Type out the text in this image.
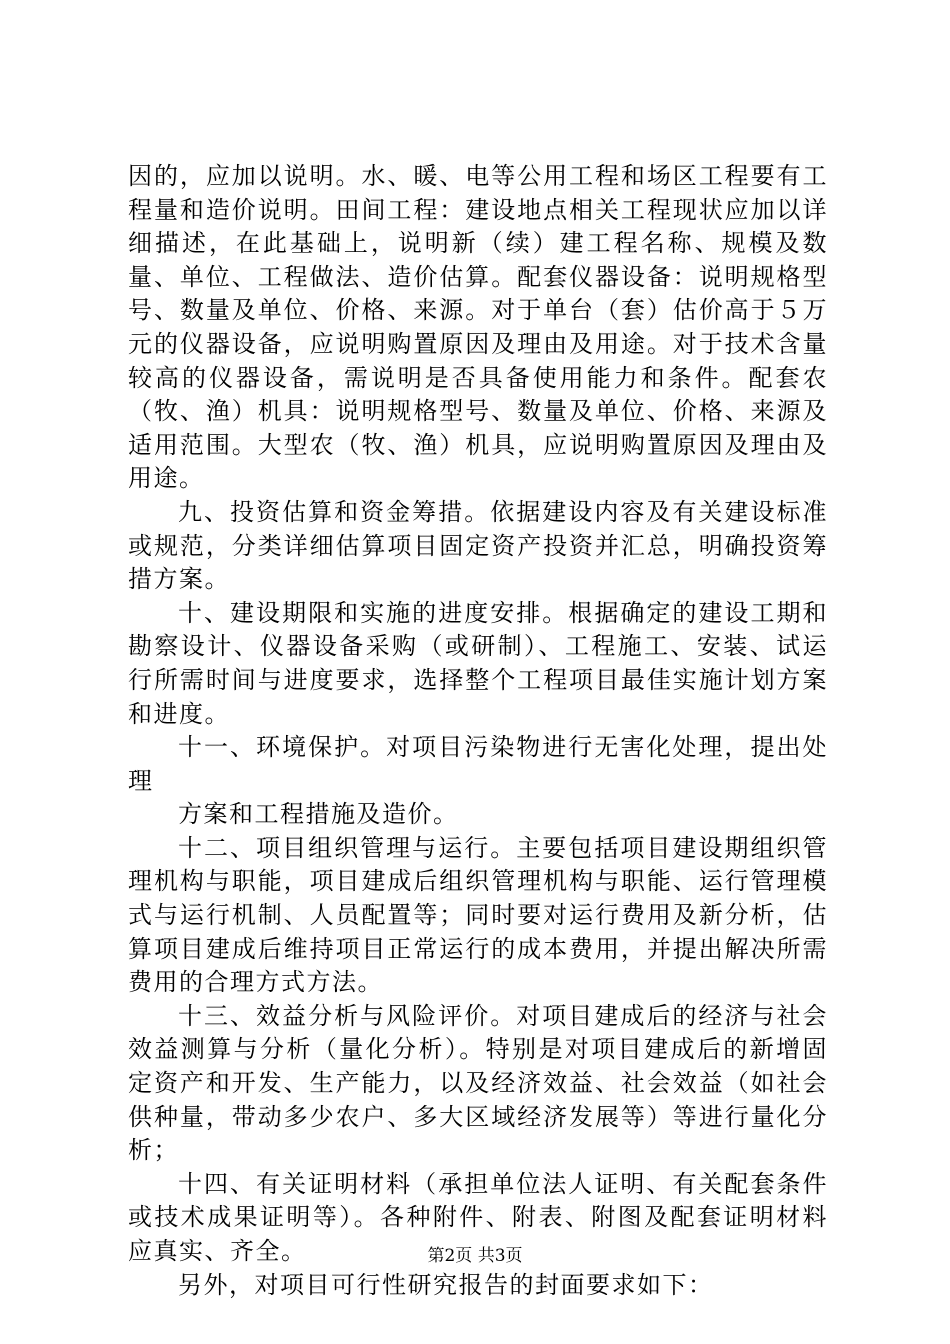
因的，应加以说明。水、暖、电等公用工程和场区工程要有工程量和造价说明。田间工程：建设地点相关工程现状应加以详细描述，在此基础上，说明新（续）建工程名称、规模及数量、单位、工程做法、造价估算。配套仪器设备：说明规格型号、数量及单位、价格、来源。对于单台（套）估价高于５万元的仪器设备，应说明购置原因及理由及用途。对于技术含量较高的仪器设备，需说明是否具备使用能力和条件。配套农（牧、渔）机具：说明规格型号、数量及单位、价格、来源及适用范围。大型农（牧、渔）机具，应说明购置原因及理由及用途。

九、投资估算和资金筹措。依据建设内容及有关建设标准或规范，分类详细估算项目固定资产投资并汇总，明确投资筹措方案。

十、建设期限和实施的进度安排。根据确定的建设工期和勘察设计、仪器设备采购（或研制）、工程施工、安装、试运行所需时间与进度要求，选择整个工程项目最佳实施计划方案和进度。

十一、环境保护。对项目污染物进行无害化处理，提出处理

方案和工程措施及造价。

十二、项目组织管理与运行。主要包括项目建设期组织管理机构与职能，项目建成后组织管理机构与职能、运行管理模式与运行机制、人员配置等；同时要对运行费用及新分析，估算项目建成后维持项目正常运行的成本费用，并提出解决所需费用的合理方式方法。

十三、效益分析与风险评价。对项目建成后的经济与社会效益测算与分析（量化分析）。特别是对项目建成后的新增固定资产和开发、生产能力，以及经济效益、社会效益（如社会供种量，带动多少农户、多大区域经济发展等）等进行量化分析；

十四、有关证明材料（承担单位法人证明、有关配套条件或技术成果证明等）。各种附件、附表、附图及配套证明材料应真实、齐全。

另外，对项目可行性研究报告的封面要求如下：

第2页 共3页
